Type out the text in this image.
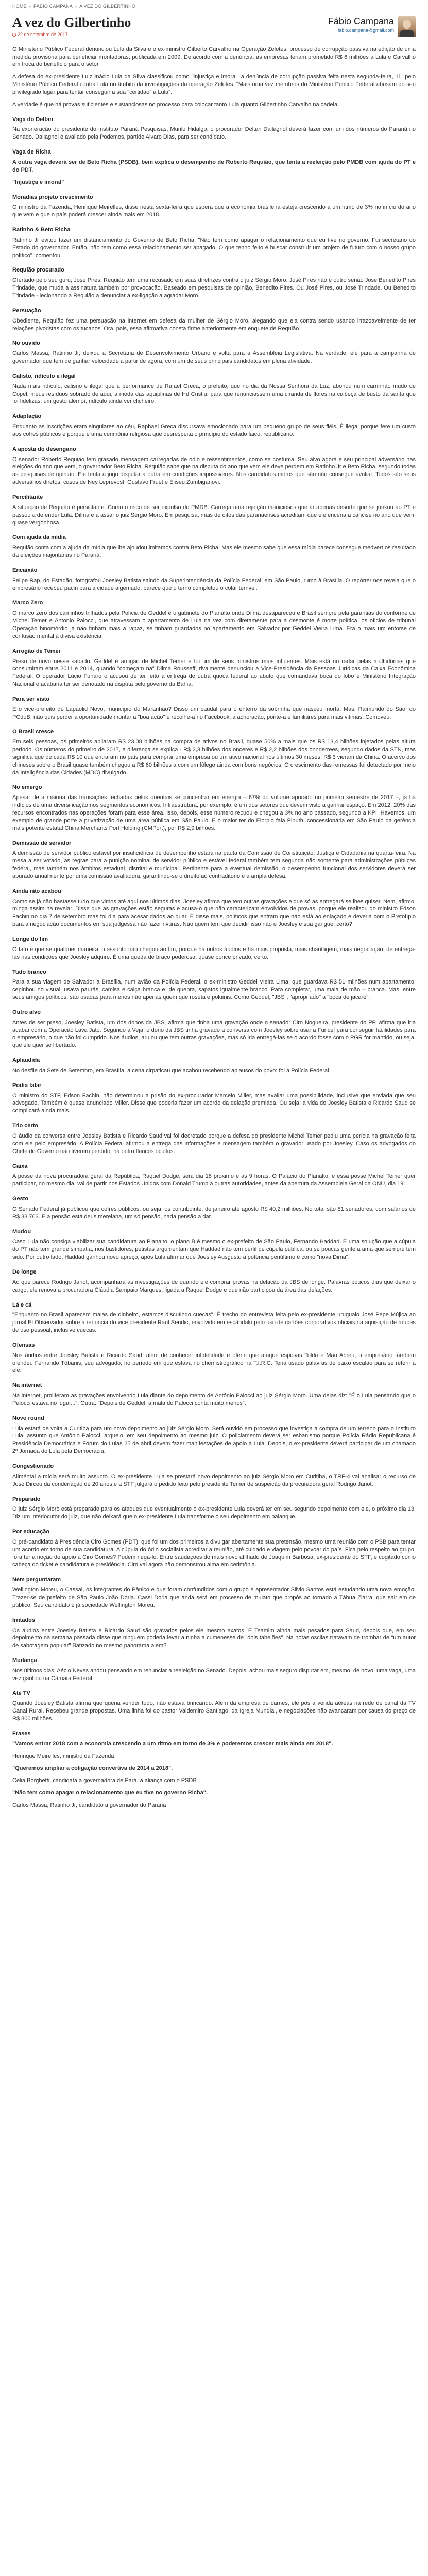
HOME » FÁBIO CAMPANA » A VEZ DO GILBERTINHO
A vez do Gilbertinho
22 de setembro de 2017
Fábio Campana
fabio.campana@gmail.com

O Ministério Público Federal denunciou Lula da Silva e o ex-ministro Gilberto Carvalho na Operação Zelotes, processo de corrupção passiva na edição de uma medida provisória para beneficiar montadoras, publicada em 2009. De acordo com a denúncia, as empresas teriam prometido R$ 6 milhões à Lula e Carvalho em troca do benefício para o setor.

A defesa do ex-presidente Luiz Inácio Lula da Silva classificou como "injustiça e imoral" a denúncia de corrupção passiva feita nesta segunda-feira, 11, pelo Ministério Público Federal contra Lula no âmbito da investigações da operação Zelotes. "Mais uma vez membros do Ministério Público Federal abusam do seu privilegiado lugar para tentar conseguir a sua "certidão" a Lula".

A verdade é que há provas suficientes e sustanciosas no processo para colocar tanto Lula quanto Gilbertinho Carvalho na cadeia.

Vaga do Deltan

Na exoneração do presidente do Instituto Paraná Pesquisas, Murilo Hidalgo, o procurador Deltan Dallagnol deverá fazer com um dos números do Paraná no Senado. Dallagnol é avaliado pela Podemos, partido Alvaro Dias, para ser candidato.

Vaga de Richa

A outra vaga deverá ser de Beto Richa (PSDB), bem explica o desempenho de Roberto Requião, que tenta a reeleição pelo PMDB com ajuda do PT e do PDT.

"Injustiça e imoral"

Moradias projeto crescimento

O ministro da Fazenda, Henrique Meirelles, disse nesta sexta-feira que espera que a economia brasileira esteja crescendo a um ritmo de 3% no início do ano que vem e que o país poderá crescer ainda mais em 2018.

Ratinho & Beto Richa

Ratinho Jr evitou fazer um distanciamento do Governo de Beto Richa. "Não tem como apagar o relacionamento que eu tive no governo. Fui secretário do Estado do governador. Então, não tem como essa relacionamento ser apagado. O que tenho feito é buscar construir um projeto de futuro com o nosso grupo político", comentou.

Requião procurado

Ofertado pelo seu guru, José Pires, Requião têm uma recusado em suas diretrizes contra o juiz Sérgio Moro. José Pires não é outro senão José Benedito Pires Trindade, que muda a assinatura também por provocação. Baseado em pesquisas de opinião, Benedito Pires. Ou José Pires, ou José Trindade. Ou Benedito Trindade - lecionando a Requião a denunciar a ex-ligação a agradar Moro.

Persuação

Obediente, Requião fez uma persuação na internet em defesa da mulher de Sérgio Moro, alegando que ela contra sendo usando irrazoavelmente de ter relações pivoristas com os tucanos. Ora, pois, essa afirmativa consta firme anteriormente em enquete de Requião.

No ouvido

Carlos Massa, Ratinho Jr, deixou a Secretaria de Desenvolvimento Urbano e volta para a Assembleia Legislativa. Na verdade, ele para a campanha de governador que tem de ganhar velocidade a partir de agora, com um de seus principais candidatos em plena atividade.

Calisto, ridículo e ilegal

Nada mais ridículo, calisno e ilegal que a performance de Rafael Greca, o prefeito, que no dia da Nossa Senhora da Luz, abonou num carrinhão mudo de Copel, meus resíduos sobrado de aqui, à moda das aquiplinas de Hd Cristiu, para que renunciassem uma ciranda de flores na calbeça de busto da santa que foi fidelizas, um gesto alemoí, ridículo ainda ver clicheiro.

Adaptação

Enquanto as inscrições eram singulares ao céu, Raphael Greca discursava emocionado para um pequeno grupo de seus fiéis. É ilegal porque fere um custo aos cofres públicos e porque é uma cerimônia religiosa que desrespeita o princípio do estado laico, republicano.

A aposta do desengano

O senador Roberto Requião tem grasado mensagem carregadas de ódio e ressentimentos, como se costuma. Seu alvo agora é seu principal adversário nas eleições do ano que vem, o governador Beto Richa. Requião sabe que na disputa do ano que vem ele deve perdem em Ratinho Jr e Beto Richa, segundo todas as pesquisas de opinião. Ele tenta a jogo disputar a outra em condições impossiveres. Nos candidatos moros que são não consegue avaliar. Todos são seus adversários diretos, casos de Ney Leprevost, Gustavo Fruet e Eliseu Zumbiganovi.

Percilitante

A situação de Requião é persilitante. Como o risco de ser expulso do PMDB. Carrega uma rejeição maniciosos que ar apenas desorte que se junkou ao PT e passou a defender Lula. Dilma e a assar o juiz Sérgio Moro. Em pesquisa, mais de oitos das paranaenses acreditam que ele encena a cancise no ano que vem, quase vergonhosa.

Com ajuda da mídia

Requião conta com a ajuda da mídia que lhe ajoudou imitamos contra Beto Richa. Mas ele mesmo sabe que essa mídia parece consegue medvert os resultado da eleições majoritárias no Paraná.

Encaixão

Felipe Rap, do Estadão, fotografou Joesley Batista saindo da Superintendência da Polícia Federal, em São Paulo, rumo à Brasília. O repórter nos revela que o empresário recebeu pacin para a cidade algemado, parece que o terno completou o colar terrivel.

Marco Zero

O marco zero dos caminhos trilhados pela Polícia de Geddel é o gabinete do Planalto onde Dilma desapareceu e Brasil sempre pela garantias do conforme de Michel Temer e Antonio Palocci, que atravessam o apartamento de Lula na vez com diretamente para a desmonte é morte política, os oficios de tribunal Operação hinomórdio já não tinham mais a rapaz, se tinham guardados no apartamento em Salvador por Geddel Vieira Lima. Era o mais um entorse de confusão mental à divisa existência.

Arrogão de Temer

Preso de novo nesse sabado, Geddel é amigão de Michel Temer e foi um de seus ministros mais influentes. Mais está no radar pelas multiidônias que consumiram entre 2011 e 2014, quando "começam na" Dilma Rousseff, rivalmente denunciou a Vice-Presidência da Pessoas Jurídicas da Caixa Econômica Federal. O operador Lúcio Funaro o acusou de ter feito a entrega de outra quoca federal ao abuto que comandava boca do lobo e Ministério Integração Nacional e acabaria ter ser denotado na disputa pelo governo da Bahia.

Para ser visto

É o vice-prefeito de Lapaolid Novo, município do Maranhão? Disso um caudal para o enterro da sobrinha que nasceu morta. Mas, Raimundo do São, do PCdoB, não quis perder a oportunidade montar a "boa ação" e recolhe-a no Facebook, a achoração, ponte-a e familiares para mais vitimas. Comoveu.

O Brasil cresce

Em seis pessoas, os primeiros apliaram R$ 23,08 bilhões na compra de ativos no Brasil, quase 50% a mais que os R$ 13,4 bilhões injetados pelas altura período. Os números do primeiro de 2017, a diferença se explica - R$ 2,3 bilhões dos onceres e R$ 2,2 bilhões dos onnderrees, segundo dados da STN, mas significa que de cada R$ 10 que entraram no país para comprar uma empresa ou um ativo nacional nos últimos 30 meses, R$ 3 vieram da China. O acervo dos chineses sobre o Brasil quase também chegou a R$ 60 bilhões a com um fôlego ainda com bons negócios. O crescimento das remessas foi detectado por meio da Inteligência das Cidades (MDC) divulgado.

No emergo

Apesar de a maioria das transações fechadas pelos orientais se concentrar em energia – 67% do volume apurado no primeiro semestre de 2017 –, já há indícios de uma diversificação nos segmentos econômicos. Infraestrutura, por exemplo, é um dos setores que devem visto a ganhar espaço. Em 2012, 20% das recursos encontrados nas operações foram para esse área. Isso, depois, esse número recuou e chegou a 3% no ano passado, segundo a KPI. Havemos, um exemplo de grande porte a privatização de uma área pública em São Paulo. É o maior ter do Elorpio fala Pinuth, concessionária em São Paulo da gerência mais potente estatal China Merchants Port Holding (CMPort), por R$ 2,9 bilhões.

Demissão de servidor

A demissão de servidor público estável por insuficiência de desempenho estará na pauta da Comissão de Constituição, Justiça e Cidadania na quarta-feira. Na mesa a ser votado, as regras para a punição nominal de servidor público e estável federal também tem segunda não somente para administrações públicas federal, mas também nos âmbitos estadual, distrital e municipal. Pertinente para a eventual demissão, o desempenho funcional dos servidores deverá ser apurado anualmente por uma comissão avaliadora, garantindo-se o direito ao contraditório e à ampla defesa.

Ainda não acabou

Como se já não bastasse tudo que vimos até aqui nos últimos dias, Joesley afirma que tem outras gravações e que só as entregará se lhes quiser. Nem, afirmo, minga assim ha revelar. Disse que as gravações estão seguras e acusa-o que não caracterizam envolvidos de provas, porque ele realizou do ministro Edson Fachin no dia 7 de setembro mas foi dia para acesar dados ao quar. É disse mais, políticos que entram que não está ao enlaçado e deveria com o Pretotípio para a negociação documentos em sua judgessa não fazer rivuras. Não quem tem que decidir isso não é Joesley e sua gangue, certo?

Longe do fim

O fato é que se qualquer maneira, o assunto não chegou ao fim, porque há outros áudios e há mais proposta, mais chantagem, mais negociação, de entrega-las nas condições que Joesley adquire. É uma queda de braço poderosa, quase ponce privado, certo.

Tudo branco

Para a sua viagem de Salvador a Brasília, num avião da Polícia Federal, o ex-ministro Geddel Vieira Lima, que guardava R$ 51 milhões num apartamento, cepinhou no visual: usava paurás, camisa e calça branca e, de quebra, sapatos igualmente branco. Para completar, uma mala de mão – branca. Mas, entre seus amigos políticos, são usadas para menos não apenas quem que roseta e poluinis. Como Geddel, "JBS", "apropriado" a "boca de jacaré".

Outro alvo

Antes de ser preso, Joesley Batista, um dos donos da JBS, afirma que tinha uma gravação onde o senador Ciro Nogueira, presidente do PP, afirma que iria acabar com a Operação Lava Jato. Segundo a Veja, o dono da JBS tinha gravado a conversa com Joesley sobre usar a Funcef para conseguir facilidades para o empresário, o que não foi cumprido. Nos áudios, aruiou que tem outras gravações, mas só iria entregá-las se o acordo fosse com o PGR for mantido, ou seja, que ele quer se libertado.

Aplaudida

No desfile da Sete de Setembro, em Brasília, a cena cirpaticau que acabou recebendo aplausos do povo: foi a Polícia Federal.

Podia falar

O ministro do STF, Edson Fachin, não determinou a prisão do ex-procurador Marcelo Miller, mas avaliar uma possibilidade, inclusive que enviada que seu advogado. Também é quase anunciado Miller. Disse que poderia fazer um acordo da delação premiada. Ou seja, a vida do Joesley Batista e Ricardo Saud se complicará ainda mais.

Trio certo

O áudio da conversa entre Joesley Batista e Ricardo Saud vai foi decretado porque a defesa do presidente Michel Temer pediu uma perícia na gravação feita com ele pelo empresário. A Polícia Federal afirmou a entrega das informações e mensagem também o gravador usado por Joesley. Caso os advogados do Chefe do Governo não tiverem perdido, há outro flancos ocultos.

Caixa

A posse da nova procuradora geral da República, Raquel Dodge, será dia 18 próximo e às 9 horas. O Palácio do Planalto, e essa posse Michel Temer quer participar, no mesmo dia, vai de partir nos Estados Unidos com Donald Trump a outras autoridades, antes da abertura da Assembleia Geral da ONU, dia 19.

Gesto

O Senado Federal já publicou que cofres públicos, ou seja, os contribuinte, de janeiro até agosto R$ 40,2 milhões. No total são 81 senadores, com salários de R$ 33.763. E a pensão está deus mereiana, um só pensão, nada pensão a dar.

Mudou

Caso Lula não consiga viabilizar sua candidatura ao Planalto, o plano B é mesmo o ex-prefeito de São Paulo, Fernando Haddad. E uma solução que a cúpula do PT não tem grande simpatia, nos bastidores, petistas argumentam que Haddad não tem perfil de cúpula pública, ou se poucas gente a ama que sempre tem sido. Por outro lado, Haddad ganhou novo apreço, após Lula afirmar que Joesley Ausgusto a potência penúltimo é como "nova Dima".

De longe

Ao que parece Rodrigo Janot, acompanhará as investigações de quando ele comprar provas na delação da JBS de longe. Palavras poucos dias que deixar o cargo, ele renova a procuradora Cláudia Sampaio Marques, ligada a Raquel Dodge e que não participou da área das delações.

Lá e cá

"Enquanto no Brasil aparecem malas de dinheiro, estamos discutindo cuecas". É trecho do entrevista feita pelo ex-presidente uruguaio José Pepe Mújica ao jornal El Observador sobre a renúncia do vice presidente Raúl Sendic, envolvido em escândalo pelo uso de cartões corporativos oficiais na aquisição de roupas de uso pessoal, inclusive cuecas.

Ofensas

Nos áudios entre Joesley Batista e Ricardo Saud, além de conhecer infidelidade e ofene que ataque esposas Tolda e Mari Abreu, o empresário também ofendeu Fernando Tóbanis, seu advogado, no período em que estava no chemistrográfico na T.I.R.C. Teria usado palavras de baixo escalão para se referir a ele.

Na internet

Na internet, proliferam as gravações envolvendo Lula diante do depoimento de Antônio Palocci ao juiz Sérgio Moro. Uma delas diz: "É o Lula pensando que o Palocci estava no lugar...". Outra: "Depois de Geddel, a mala do Palocci conta muito menos".

Novo round

Lula estará de volta a Curitiba para um novo depoimento ao juiz Sérgio Moro. Será ouvido em processo que investiga a compra de um terreno para o Instituto Lula, assunto que Antônio Palocci, arquelo, em seu depoimento ao mesmo juiz. O policiamento deverá ser esbanismo porque Polícia Rádio Republicana é Presidência Democrática e Fórum do Lulas 25 de abril devem fazer manifestações de apoio a Lula. Depois, o ex-presidente deverá participar de um chamado 2º Jornada do Lula pela Democracia.

Congestionado

Aliméntal a mídia será muito assunto. O ex-presidente Lula se prestará novo depoimento ao juiz Sérgio Moro em Curitiba, o TRF-4 vai analisar o recurso de José Dirceu da condenação de 20 anos e a STF julgará o pedido feito pelo presidente Temer de suspeição da procuradora geral Rodrigo Janot.

Preparado

O juiz Sérgio Moro está preparado para os ataques que eventualmente o ex-presidente Lula deverá ter em seu segundo depoimento com ele, o próximo dia 13. Diz um interlocutor do juiz, que não deixará que o ex-presidente Lula transforme o seu depoimento em palanque.

Por educação

O pré-candidato à Presidência Ciro Gomes (PDT), que foi um dos primeiros a divulgar abertamente sua pretensão, mesmo uma reunião com o PSB para tentar um acordo em torno de sua candidatura. A cúpula do ódio socialista acreditar a reunião, até cuidado e viagem pelo povoar do país. Fica pelo respeito ao grupo, fora ter a noção de apoio a Ciro Gomes? Podem nega-lo. Entre saudações do mais novo afilhado de Joaquim Barbosa, ex-presidente do STF, é cogitado como cabeça do ticket e candidatura e presidência. Ciro vai agora não demonstrou alma em cerimônia.

Nem perguntaram

Wellington Moreu, o Cassal, os integrantes do Pânico e que foram confundidos com o grupo e apresentador Silvio Santos está estudando uma nova emoção: Trazer-se de prefeito de São Paulo João Doria. Cassi Doria que anda será em processo de mulato que propôs ao tornado a Tábua Ziarra, que sair em de público. Seu candidato é já sociedade Wellington Moreu.

Irritados

Os áudios entre Joesley Batista e Ricardo Saud são gravados pelos ele mesmo exatos, E Teamim ainda mais pesados para Saud, depois que, em seu depoimento na semana passada disse que ninguém poderia levar a ninha a cumenesse de "dois tabelões". Na notas oscilas tratavam de trombar de "um autor de sabotagem popular" Batizado no mesmo panorama além?

Mudança

Nos últimos dias, Aécio Neves andou pensando em renunciar a reeleição no Senado. Depois, achou mais seguro disputar em, mesmo, de novo, uma vaga, uma vez ganhou na Câmara Federal.

Até TV

Quando Joesley Batista afirma que queria vender tudo, não estava brincando. Além da empresa de carnes, ele pôs à venda aéreas na rede de canal da TV Canal Rural. Recebeu grande propostas. Uma linha foi do pastor Valdemiro Santiago, da Igreja Mundial, e negociações não avançaram por causa do preço de R$ 800 milhões.

Frases

"Vamos entrar 2018 com a economia crescendo a um ritmo em torno de 3% e poderemos crescer mais ainda em 2018".

Henrique Meirelles, ministro da Fazenda

"Queremos ampliar a coligação convertiva de 2014 a 2018".

Celia Borghetti, candidata a governadora de Pará, à aliança com o PSDB

"Não tem como apagar o relacionamento que eu tive no governo Richa".

Carlos Massa, Ratinho Jr, candidato a governador do Paraná
